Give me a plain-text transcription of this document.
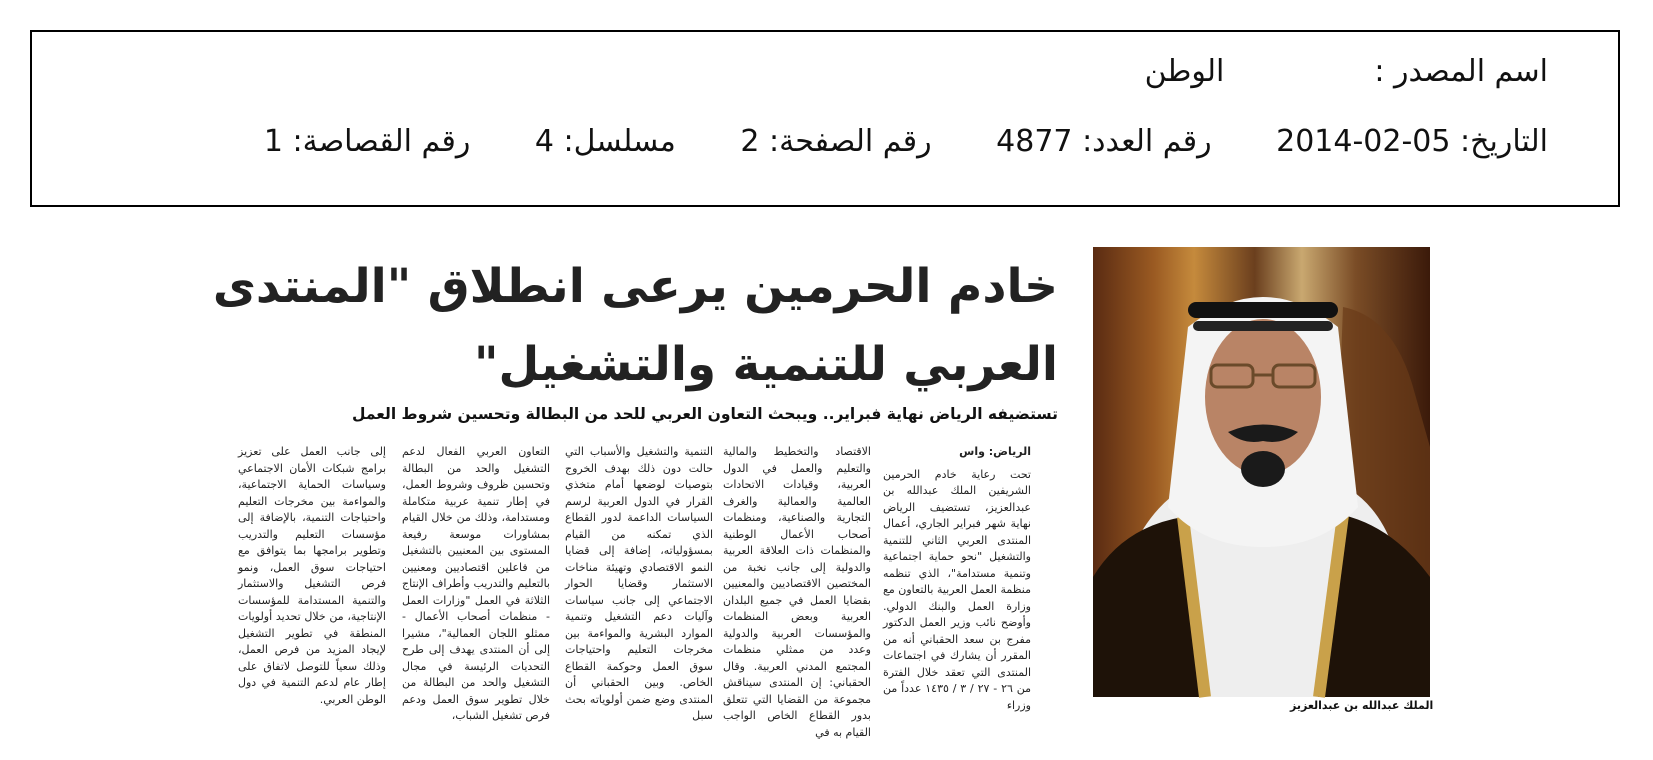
اسم المصدر :الوطن
التاريخ: 2014-02-05 رقم العدد: 4877 رقم الصفحة: 2 مسلسل: 4 رقم القصاصة: 1
الملك عبدالله بن عبدالعزيز
خادم الحرمين يرعى انطلاق "المنتدى العربي للتنمية والتشغيل"
تستضيفه الرياض نهاية فبراير.. ويبحث التعاون العربي للحد من البطالة وتحسين شروط العمل

الرياض: واس

تحت رعاية خادم الحرمين الشريفين الملك عبدالله بن عبدالعزيز، تستضيف الرياض نهاية شهر فبراير الجاري، أعمال المنتدى العربي الثاني للتنمية والتشغيل "نحو حماية اجتماعية وتنمية مستدامة"، الذي تنظمه منظمة العمل العربية بالتعاون مع وزارة العمل والبنك الدولي. وأوضح نائب وزير العمل الدكتور مفرج بن سعد الحقباني أنه من المقرر أن يشارك في اجتماعات المنتدى التي تعقد خلال الفترة من ٢٦ - ٢٧ / ٣ / ١٤٣٥ عدداً من وزراء

الاقتصاد والتخطيط والمالية والتعليم والعمل في الدول العربية، وقيادات الاتحادات العالمية والعمالية والغرف التجارية والصناعية، ومنظمات أصحاب الأعمال الوطنية والمنظمات ذات العلاقة العربية والدولية إلى جانب نخبة من المختصين الاقتصاديين والمعنيين بقضايا العمل في جميع البلدان العربية وبعض المنظمات والمؤسسات العربية والدولية وعدد من ممثلي منظمات المجتمع المدني العربية. وقال الحقباني: إن المنتدى سيناقش مجموعة من القضايا التي تتعلق بدور القطاع الخاص الواجب القيام به في

التنمية والتشغيل والأسباب التي حالت دون ذلك بهدف الخروج بتوصيات لوضعها أمام متخذي القرار في الدول العربية لرسم السياسات الداعمة لدور القطاع الذي تمكنه من القيام بمسؤولياته، إضافة إلى قضايا النمو الاقتصادي وتهيئة مناخات الاستثمار وقضايا الحوار الاجتماعي إلى جانب سياسات وآليات دعم التشغيل وتنمية الموارد البشرية والمواءمة بين مخرجات التعليم واحتياجات سوق العمل وحوكمة القطاع الخاص. وبين الحقباني أن المنتدى وضع ضمن أولوياته بحث سبل

التعاون العربي الفعال لدعم التشغيل والحد من البطالة وتحسين ظروف وشروط العمل، في إطار تنمية عربية متكاملة ومستدامة، وذلك من خلال القيام بمشاورات موسعة رفيعة المستوى بين المعنيين بالتشغيل من فاعلين اقتصاديين ومعنيين بالتعليم والتدريب وأطراف الإنتاج الثلاثة في العمل "وزارات العمل - منظمات أصحاب الأعمال - ممثلو اللجان العمالية"، مشيرا إلى أن المنتدى يهدف إلى طرح التحديات الرئيسة في مجال التشغيل والحد من البطالة من خلال تطوير سوق العمل ودعم فرص تشغيل الشباب،

إلى جانب العمل على تعزيز برامج شبكات الأمان الاجتماعي وسياسات الحماية الاجتماعية، والمواءمة بين مخرجات التعليم واحتياجات التنمية، بالإضافة إلى مؤسسات التعليم والتدريب وتطوير برامجها بما يتوافق مع احتياجات سوق العمل، ونمو فرص التشغيل والاستثمار والتنمية المستدامة للمؤسسات الإنتاجية، من خلال تحديد أولويات المنطقة في تطوير التشغيل لإيجاد المزيد من فرص العمل، وذلك سعياً للتوصل لاتفاق على إطار عام لدعم التنمية في دول الوطن العربي.
